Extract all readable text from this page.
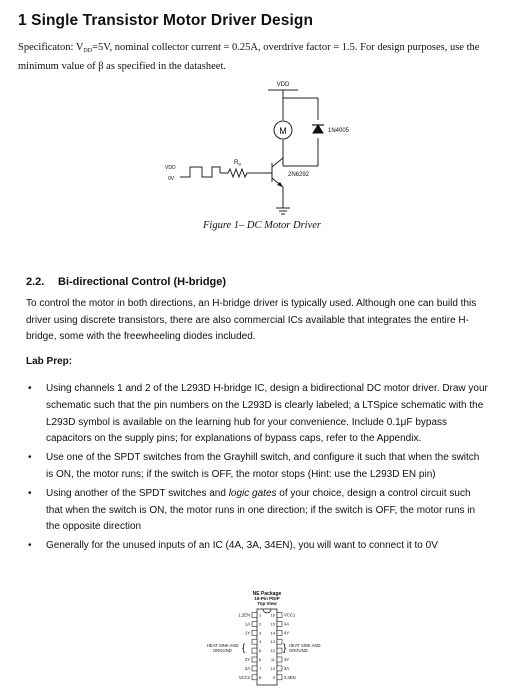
1 Single Transistor Motor Driver Design

Specificaton: $V_{DD}=5V$, nominal collector current = 0.25A, overdrive factor = 1.5. For design purposes, use the minimum value of β as specified in the datasheet.

M
VDD
1N4005
$R_B$
2N6292
VDD
0V
Figure 1– DC Motor Driver
2.2. Bi-directional Control (H-bridge)

To control the motor in both directions, an H-bridge driver is typically used. Although one can build this driver using discrete transistors, there are also commercial ICs available that integrates the entire H-bridge, some with the freewheeling diodes included.

Lab Prep:

• Using channels 1 and 2 of the L293D H-bridge IC, design a bidirectional DC motor driver. Draw your schematic such that the pin numbers on the L293D is clearly labeled; a LTSpice schematic with the L293D symbol is available on the learning hub for your convenience. Include 0.1μF bypass capacitors on the supply pins; for explanations of bypass caps, refer to the Appendix.
• Use one of the SPDT switches from the Grayhill switch, and configure it such that when the switch is ON, the motor runs; if the switch is OFF, the motor stops (Hint: use the L293D EN pin)
• Using another of the SPDT switches and logic gates of your choice, design a control circuit such that when the switch is ON, the motor runs in one direction; if the switch is OFF, the motor runs in the opposite direction
• Generally for the unused inputs of an IC (4A, 3A, 34EN), you will want to connect it to 0V
NE Package
16-Pin PDIP
Top View
1
1,2EN
2
1A
3
1Y
4
5
6
2Y
7
2A
8
VCC2
16 VCC1
15 4A
14 4Y
13
12
11 3Y
10 3A
9 3,4EN
HEAT SINK AND
GROUND {	} HEAT SINK AND
GROUND
